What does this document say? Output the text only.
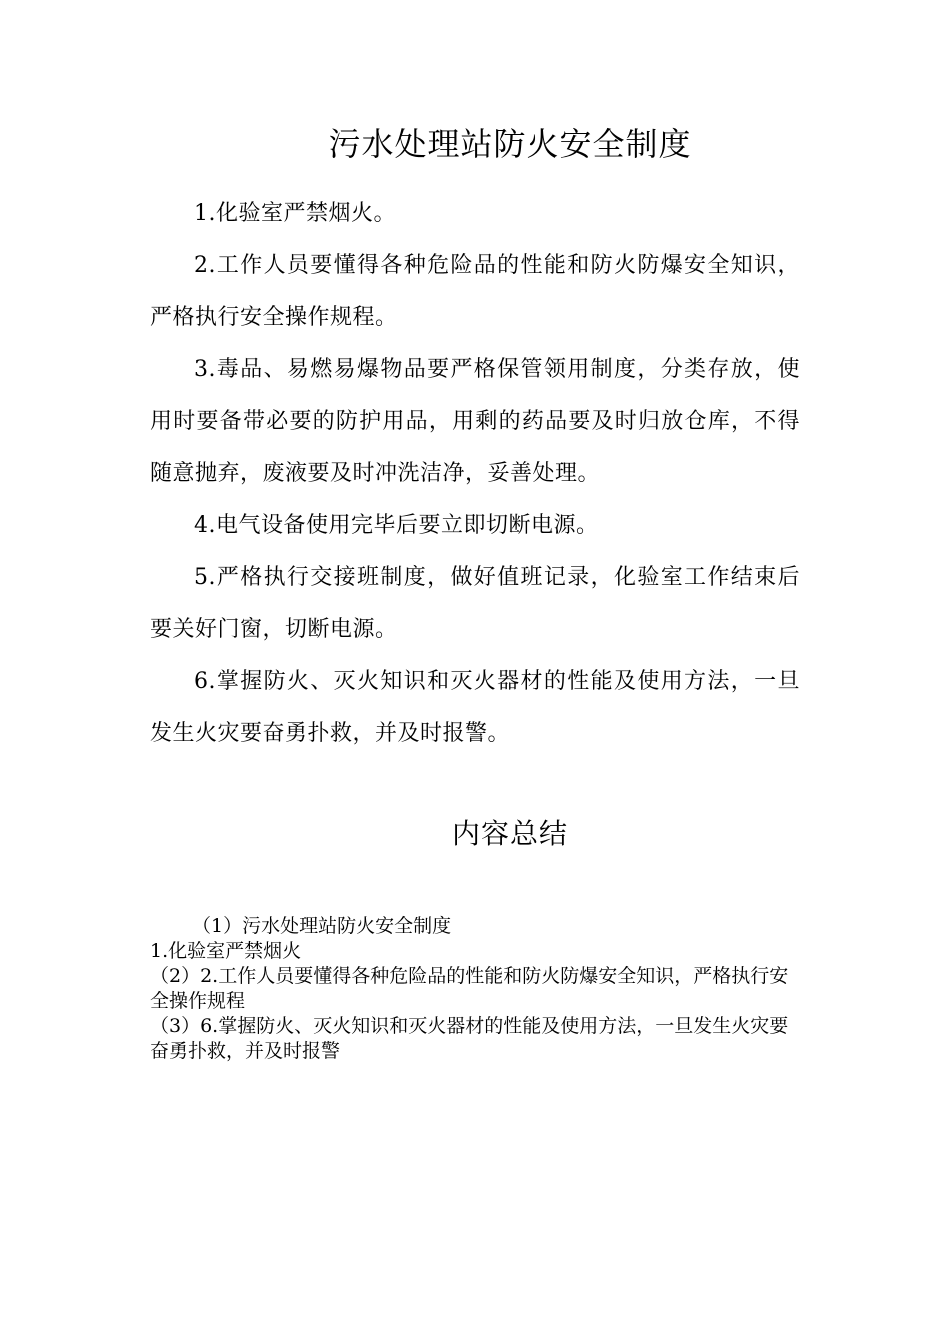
污水处理站防火安全制度

1.化验室严禁烟火。

2.工作人员要懂得各种危险品的性能和防火防爆安全知识，严格执行安全操作规程。

3.毒品、易燃易爆物品要严格保管领用制度，分类存放，使用时要备带必要的防护用品，用剩的药品要及时归放仓库，不得随意抛弃，废液要及时冲洗洁净，妥善处理。

4.电气设备使用完毕后要立即切断电源。

5.严格执行交接班制度，做好值班记录，化验室工作结束后要关好门窗，切断电源。

6.掌握防火、灭火知识和灭火器材的性能及使用方法，一旦发生火灾要奋勇扑救，并及时报警。

内容总结
（1）污水处理站防火安全制度
1.化验室严禁烟火
（2）2.工作人员要懂得各种危险品的性能和防火防爆安全知识，严格执行安全操作规程
（3）6.掌握防火、灭火知识和灭火器材的性能及使用方法，一旦发生火灾要奋勇扑救，并及时报警
